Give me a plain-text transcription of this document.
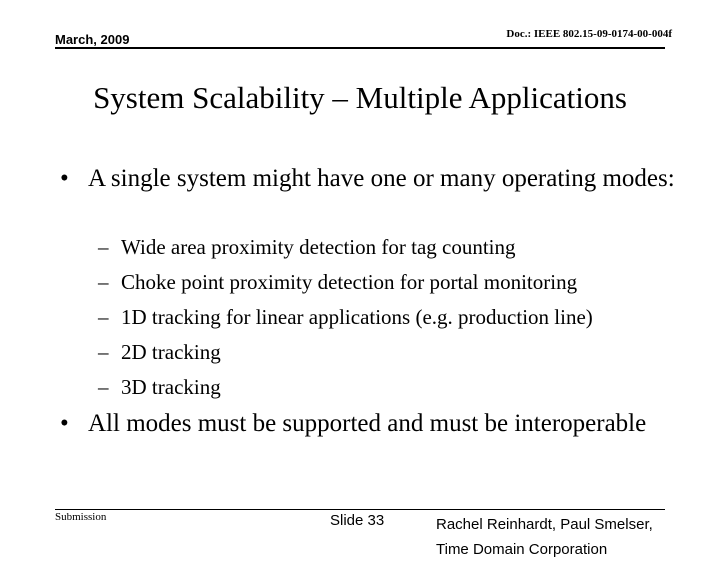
March, 2009	Doc.: IEEE 802.15-09-0174-00-004f
System Scalability – Multiple Applications
• A single system might have one or many operating modes:
– Wide area proximity detection for tag counting
– Choke point proximity detection for portal monitoring
– 1D tracking for linear applications (e.g. production line)
– 2D tracking
– 3D tracking
• All modes must be supported and must be interoperable
Submission	Slide 33	Rachel Reinhardt, Paul Smelser,
Time Domain Corporation
